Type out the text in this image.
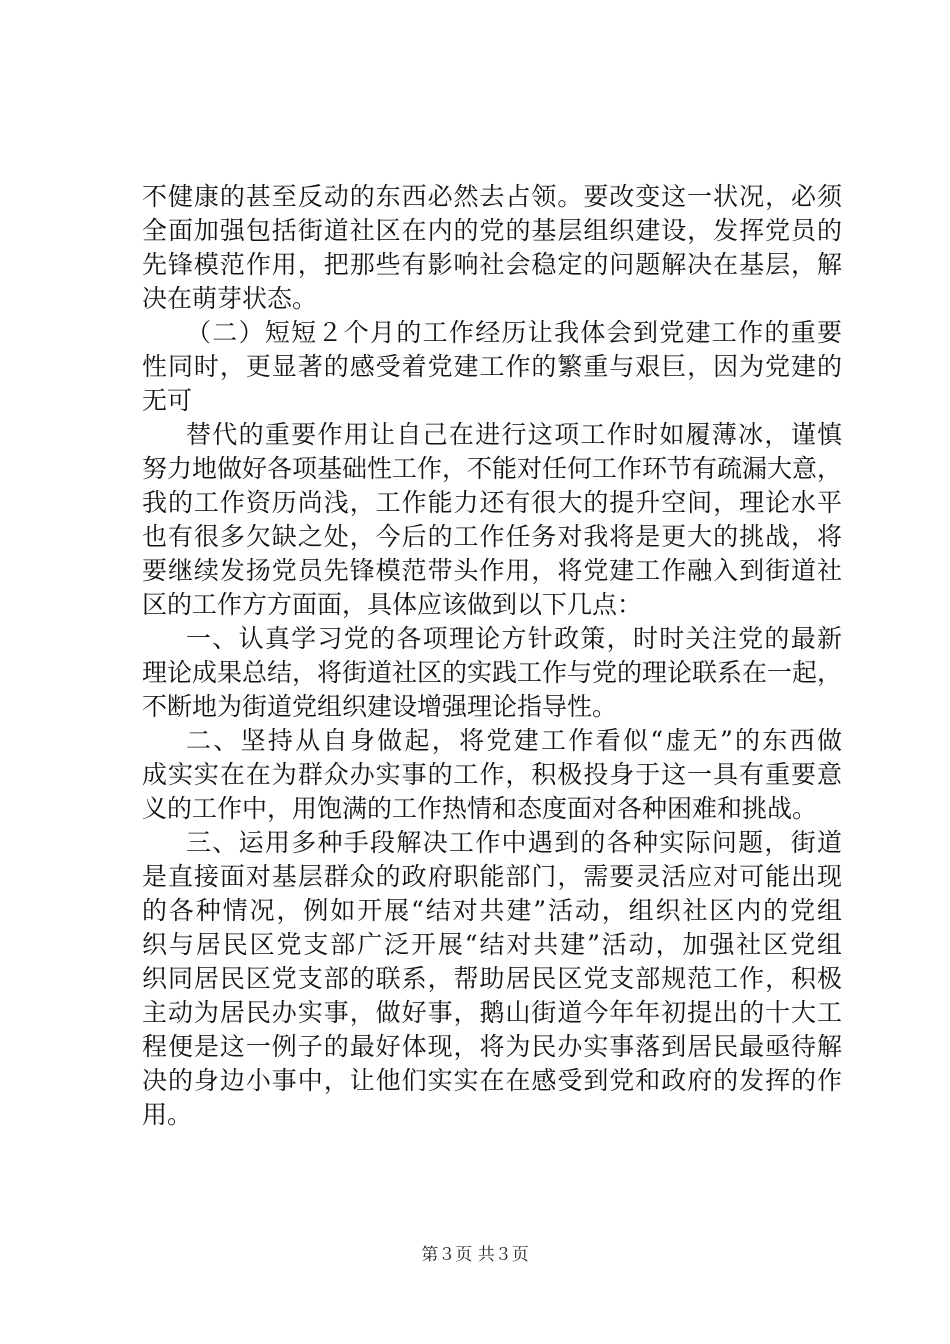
不健康的甚至反动的东西必然去占领。要改变这一状况，必须
全面加强包括街道社区在内的党的基层组织建设，发挥党员的
先锋模范作用，把那些有影响社会稳定的问题解决在基层，解
决在萌芽状态。
（二）短短２个月的工作经历让我体会到党建工作的重要
性同时，更显著的感受着党建工作的繁重与艰巨，因为党建的
无可
替代的重要作用让自己在进行这项工作时如履薄冰，谨慎
努力地做好各项基础性工作，不能对任何工作环节有疏漏大意，
我的工作资历尚浅，工作能力还有很大的提升空间，理论水平
也有很多欠缺之处，今后的工作任务对我将是更大的挑战，将
要继续发扬党员先锋模范带头作用，将党建工作融入到街道社
区的工作方方面面，具体应该做到以下几点：
一、认真学习党的各项理论方针政策，时时关注党的最新
理论成果总结，将街道社区的实践工作与党的理论联系在一起，
不断地为街道党组织建设增强理论指导性。
二、坚持从自身做起，将党建工作看似“虚无”的东西做
成实实在在为群众办实事的工作，积极投身于这一具有重要意
义的工作中，用饱满的工作热情和态度面对各种困难和挑战。
三、运用多种手段解决工作中遇到的各种实际问题，街道
是直接面对基层群众的政府职能部门，需要灵活应对可能出现
的各种情况，例如开展“结对共建”活动，组织社区内的党组
织与居民区党支部广泛开展“结对共建”活动，加强社区党组
织同居民区党支部的联系，帮助居民区党支部规范工作，积极
主动为居民办实事，做好事，鹅山街道今年年初提出的十大工
程便是这一例子的最好体现，将为民办实事落到居民最亟待解
决的身边小事中，让他们实实在在感受到党和政府的发挥的作
用。
第３页 共３页
